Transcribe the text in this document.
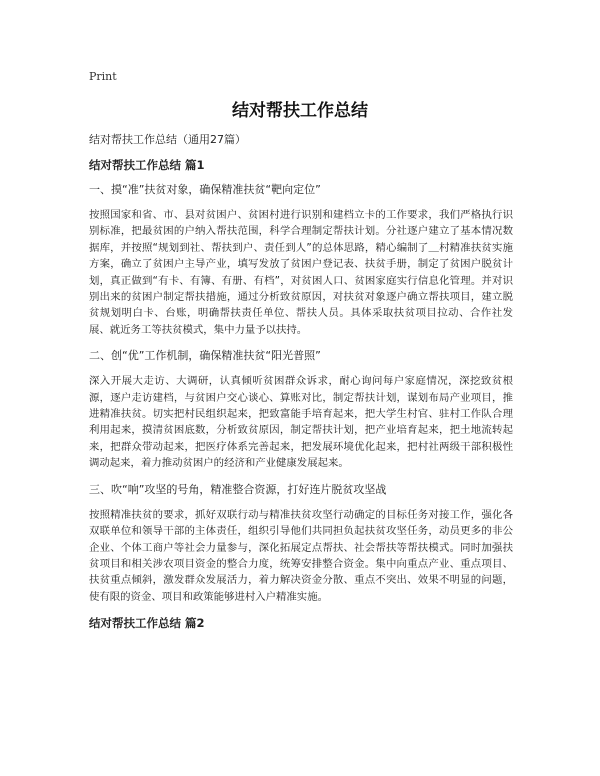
Print
结对帮扶工作总结

结对帮扶工作总结（通用27篇）

结对帮扶工作总结 篇1

一、摸“准”扶贫对象，确保精准扶贫“靶向定位”

按照国家和省、市、县对贫困户、贫困村进行识别和建档立卡的工作要求，我们严格执行识别标准，把最贫困的户纳入帮扶范围，科学合理制定帮扶计划。分社逐户建立了基本情况数据库，并按照“规划到社、帮扶到户、责任到人”的总体思路，精心编制了＿村精准扶贫实施方案，确立了贫困户主导产业，填写发放了贫困户登记表、扶贫手册，制定了贫困户脱贫计划，真正做到“有卡、有簿、有册、有档”，对贫困人口、贫困家庭实行信息化管理。并对识别出来的贫困户制定帮扶措施，通过分析致贫原因，对扶贫对象逐户确立帮扶项目，建立脱贫规划明白卡、台账，明确帮扶责任单位、帮扶人员。具体采取扶贫项目拉动、合作社发展、就近务工等扶贫模式，集中力量予以扶持。

二、创“优”工作机制，确保精准扶贫“阳光普照”

深入开展大走访、大调研，认真倾听贫困群众诉求，耐心询问每户家庭情况，深挖致贫根源，逐户走访建档，与贫困户交心谈心、算账对比，制定帮扶计划，谋划布局产业项目，推进精准扶贫。切实把村民组织起来，把致富能手培育起来，把大学生村官、驻村工作队合理利用起来，摸清贫困底数，分析致贫原因，制定帮扶计划，把产业培育起来，把土地流转起来，把群众带动起来，把医疗体系完善起来，把发展环境优化起来，把村社两级干部积极性调动起来，着力推动贫困户的经济和产业健康发展起来。

三、吹“响”攻坚的号角，精准整合资源，打好连片脱贫攻坚战

按照精准扶贫的要求，抓好双联行动与精准扶贫攻坚行动确定的目标任务对接工作，强化各双联单位和领导干部的主体责任，组织引导他们共同担负起扶贫攻坚任务，动员更多的非公企业、个体工商户等社会力量参与，深化拓展定点帮扶、社会帮扶等帮扶模式。同时加强扶贫项目和相关涉农项目资金的整合力度，统筹安排整合资金。集中向重点产业、重点项目、扶贫重点倾斜，激发群众发展活力，着力解决资金分散、重点不突出、效果不明显的问题，使有限的资金、项目和政策能够进村入户精准实施。

结对帮扶工作总结 篇2
